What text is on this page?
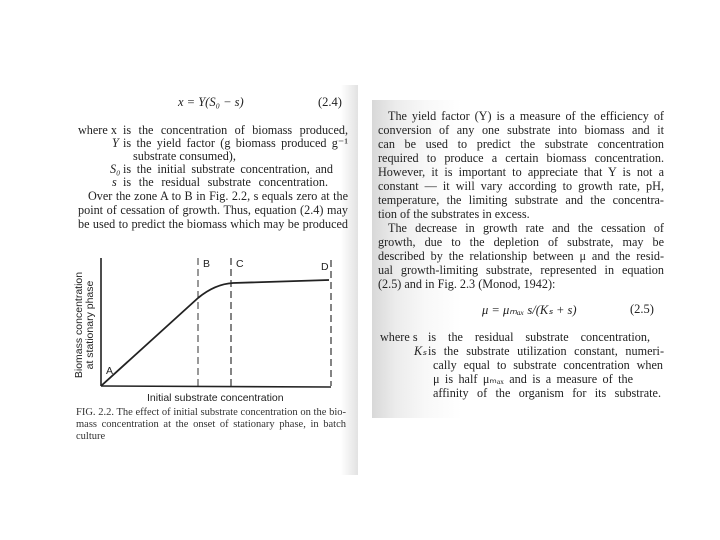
x = Y(S₀ − s)	(2.4)
where x is the concentration of biomass produced,
Y is the yield factor (g biomass produced g⁻¹
substrate consumed),
S₀ is the initial substrate concentration, and
s is the residual substrate concentration.
Over the zone A to B in Fig. 2.2, s equals zero at the
point of cessation of growth. Thus, equation (2.4) may
be used to predict the biomass which may be produced
A
B C	D
Biomass concentration at stationary phase
Initial substrate concentration
FIG. 2.2. The effect of initial substrate concentration on the bio-
mass concentration at the onset of stationary phase, in batch
culture
The yield factor (Y) is a measure of the efficiency of
conversion of any one substrate into biomass and it
can be used to predict the substrate concentration
required to produce a certain biomass concentration.
However, it is important to appreciate that Y is not a
constant — it will vary according to growth rate, pH,
temperature, the limiting substrate and the concentra-
tion of the substrates in excess.
The decrease in growth rate and the cessation of
growth, due to the depletion of substrate, may be
described by the relationship between μ and the resid-
ual growth-limiting substrate, represented in equation
(2.5) and in Fig. 2.3 (Monod, 1942):
μ = μₘₐₓ s/(Kₛ + s)	(2.5)
where s is the residual substrate concentration,
Kₛ is the substrate utilization constant, numeri-
cally equal to substrate concentration when
μ is half μₘₐₓ and is a measure of the
affinity of the organism for its substrate.
